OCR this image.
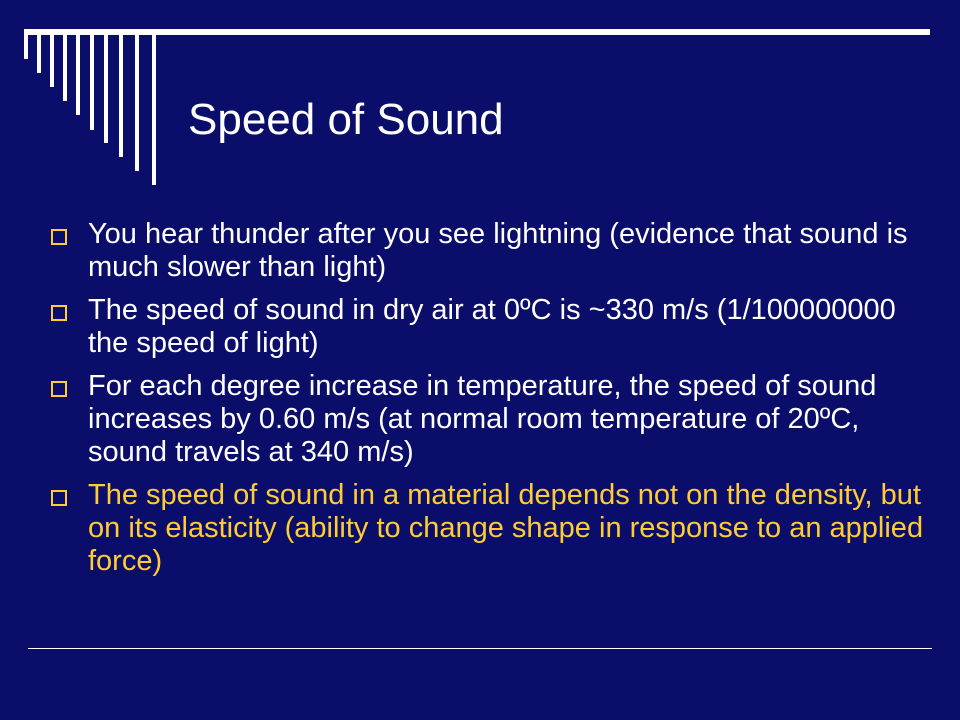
Speed of Sound
You hear thunder after you see lightning (evidence that sound is much slower than light)
The speed of sound in dry air at 0ºC is ~330 m/s (1/100000000 the speed of light)
For each degree increase in temperature, the speed of sound increases by 0.60 m/s (at normal room temperature of 20ºC, sound travels at 340 m/s)
The speed of sound in a material depends not on the density, but on its elasticity (ability to change shape in response to an applied force)
